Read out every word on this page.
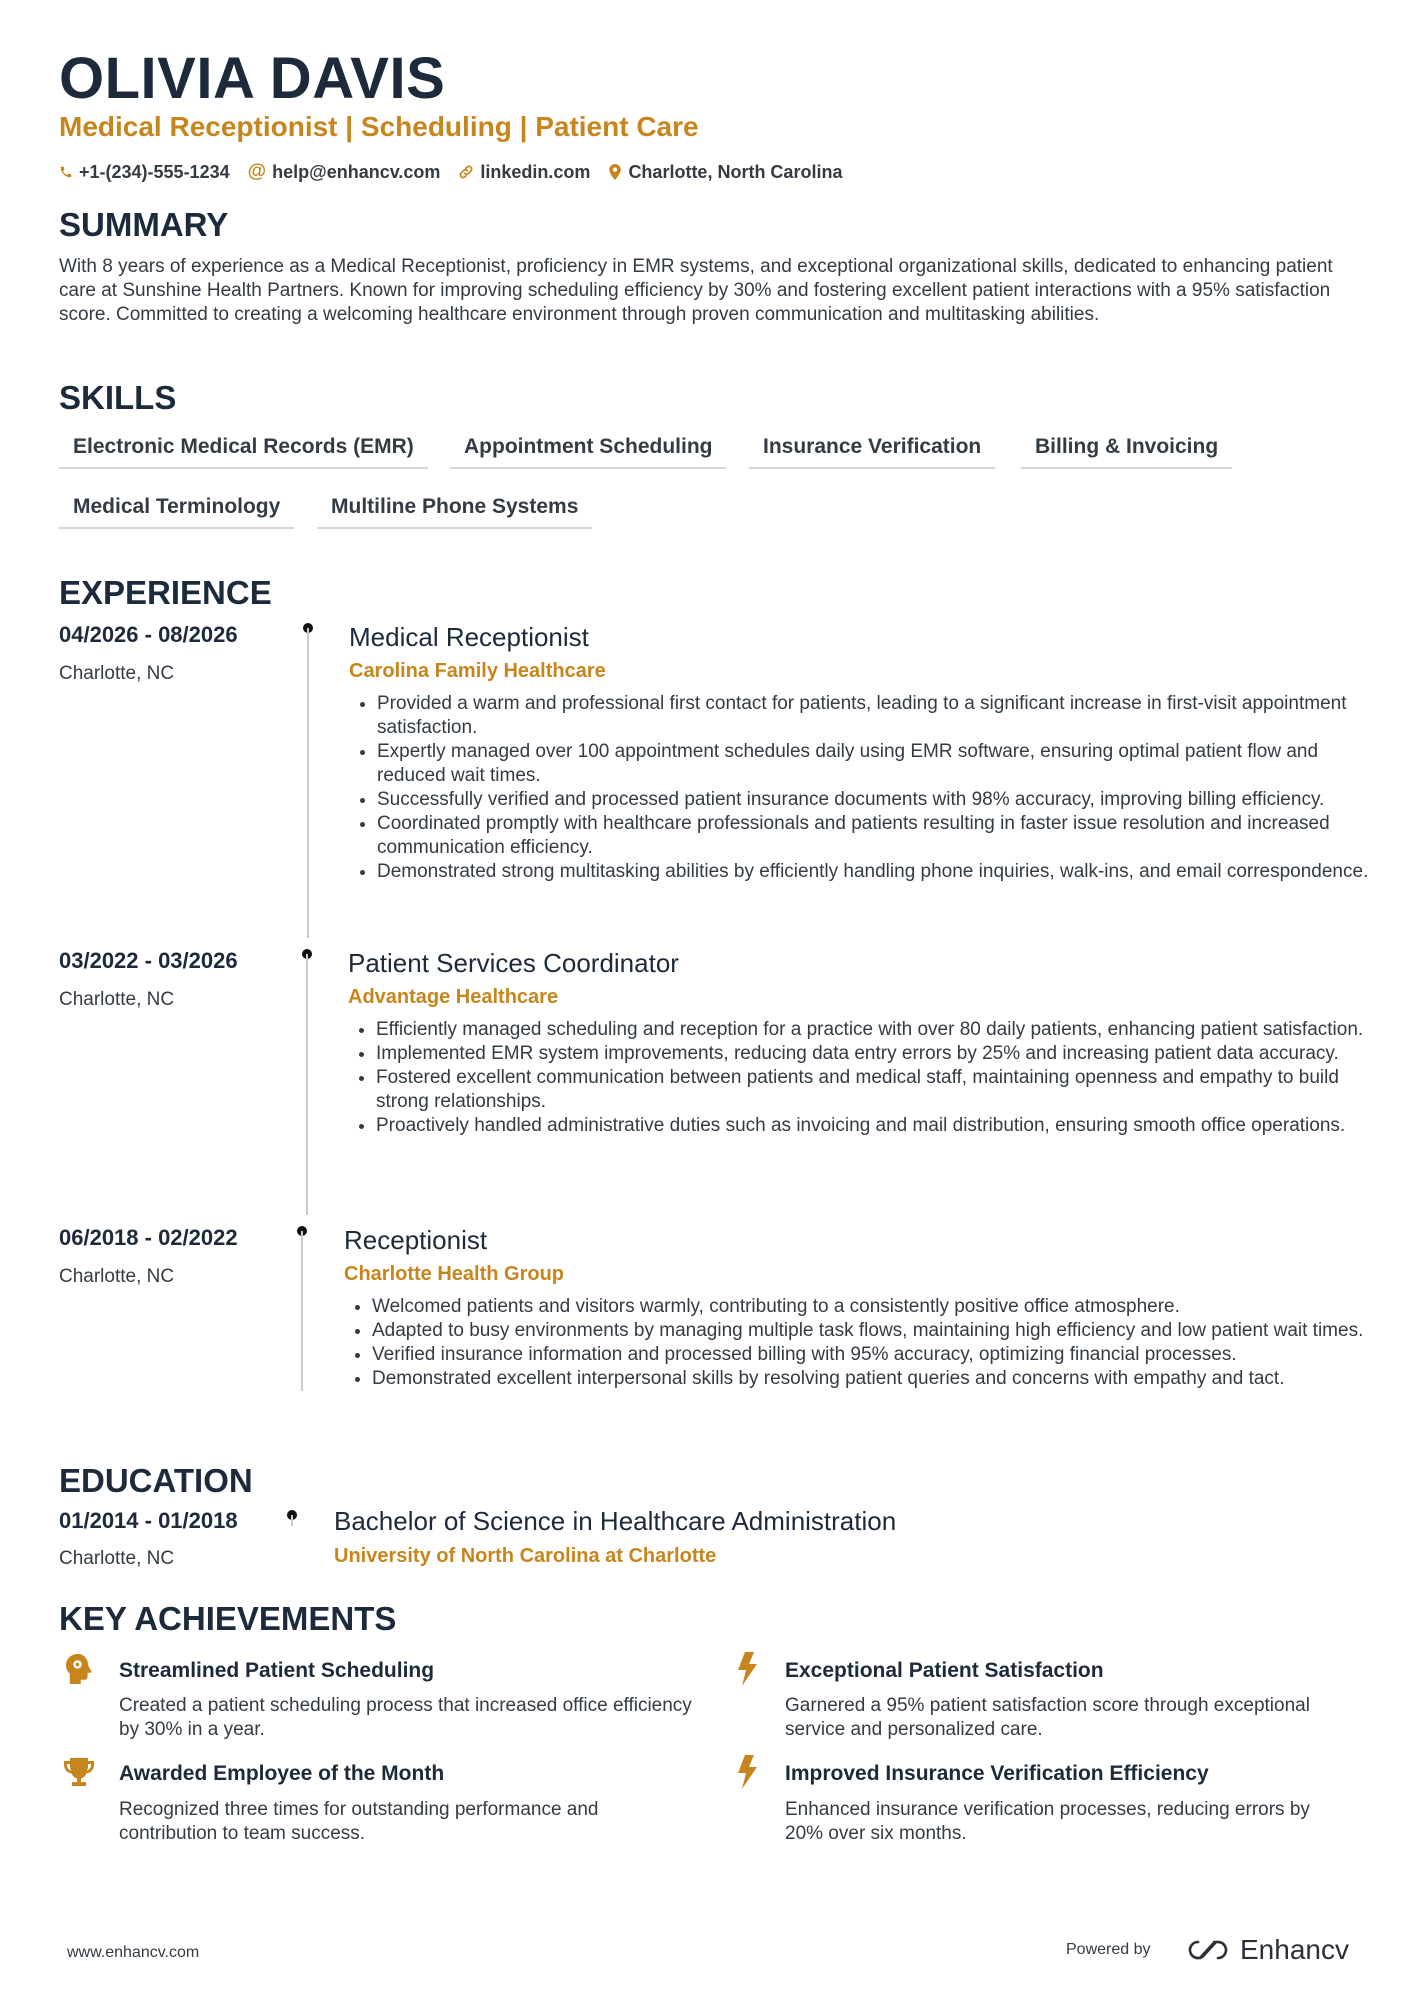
OLIVIA DAVIS
Medical Receptionist | Scheduling | Patient Care
+1-(234)-555-1234 @ help@enhancv.com linkedin.com Charlotte, North Carolina
SUMMARY

With 8 years of experience as a Medical Receptionist, proficiency in EMR systems, and exceptional organizational skills, dedicated to enhancing patient care at Sunshine Health Partners. Known for improving scheduling efficiency by 30% and fostering excellent patient interactions with a 95% satisfaction score. Committed to creating a welcoming healthcare environment through proven communication and multitasking abilities.

SKILLS
Electronic Medical Records (EMR)	Appointment Scheduling	Insurance Verification	Billing & Invoicing
Medical Terminology	Multiline Phone Systems
EXPERIENCE
04/2026 - 08/2026
Charlotte, NC
Medical Receptionist
Carolina Family Healthcare
• Provided a warm and professional first contact for patients, leading to a significant increase in first-visit appointment satisfaction.
• Expertly managed over 100 appointment schedules daily using EMR software, ensuring optimal patient flow and reduced wait times.
• Successfully verified and processed patient insurance documents with 98% accuracy, improving billing efficiency.
• Coordinated promptly with healthcare professionals and patients resulting in faster issue resolution and increased communication efficiency.
• Demonstrated strong multitasking abilities by efficiently handling phone inquiries, walk-ins, and email correspondence.
03/2022 - 03/2026
Charlotte, NC
Patient Services Coordinator
Advantage Healthcare
• Efficiently managed scheduling and reception for a practice with over 80 daily patients, enhancing patient satisfaction.
• Implemented EMR system improvements, reducing data entry errors by 25% and increasing patient data accuracy.
• Fostered excellent communication between patients and medical staff, maintaining openness and empathy to build strong relationships.
• Proactively handled administrative duties such as invoicing and mail distribution, ensuring smooth office operations.
06/2018 - 02/2022
Charlotte, NC
Receptionist
Charlotte Health Group
• Welcomed patients and visitors warmly, contributing to a consistently positive office atmosphere.
• Adapted to busy environments by managing multiple task flows, maintaining high efficiency and low patient wait times.
• Verified insurance information and processed billing with 95% accuracy, optimizing financial processes.
• Demonstrated excellent interpersonal skills by resolving patient queries and concerns with empathy and tact.
EDUCATION
01/2014 - 01/2018
Charlotte, NC
Bachelor of Science in Healthcare Administration
University of North Carolina at Charlotte
KEY ACHIEVEMENTS
Streamlined Patient Scheduling

Created a patient scheduling process that increased office efficiency by 30% in a year.

Exceptional Patient Satisfaction

Garnered a 95% patient satisfaction score through exceptional service and personalized care.

Awarded Employee of the Month

Recognized three times for outstanding performance and contribution to team success.

Improved Insurance Verification Efficiency

Enhanced insurance verification processes, reducing errors by 20% over six months.

www.enhancv.com	Powered by	Enhancv
